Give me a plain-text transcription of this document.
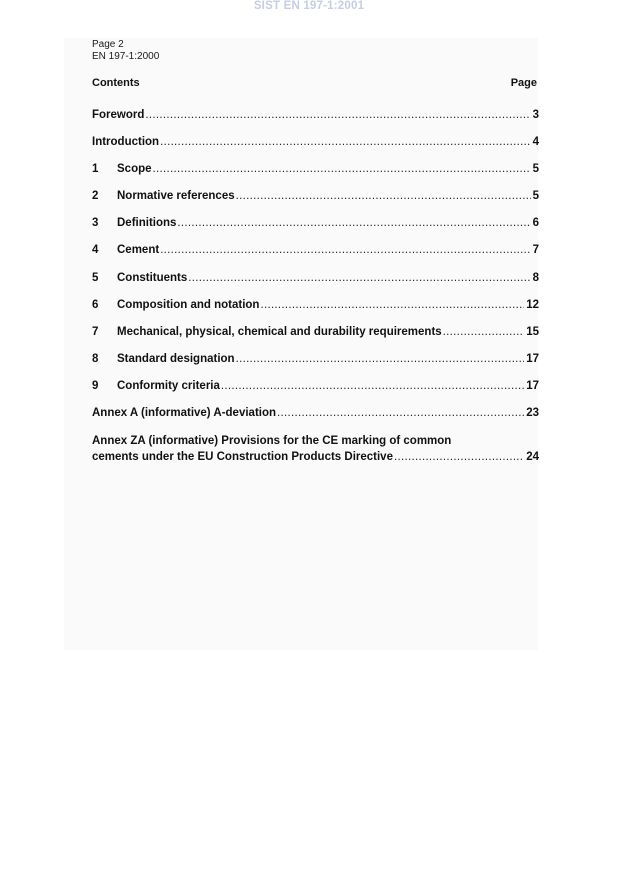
SIST EN 197-1:2001
Page 2
EN 197-1:2000
Contents	Page
Foreword .....	3
Introduction .....	4
1	Scope .....	5
2	Normative references .....	5
3	Definitions .....	6
4	Cement .....	7
5	Constituents .....	8
6	Composition and notation .....	12
7	Mechanical, physical, chemical and durability requirements .....	15
8	Standard designation .....	17
9	Conformity criteria .....	17
Annex A (informative) A-deviation .....	23
Annex ZA (informative) Provisions for the CE marking of common
cements under the EU Construction Products Directive .....	24
